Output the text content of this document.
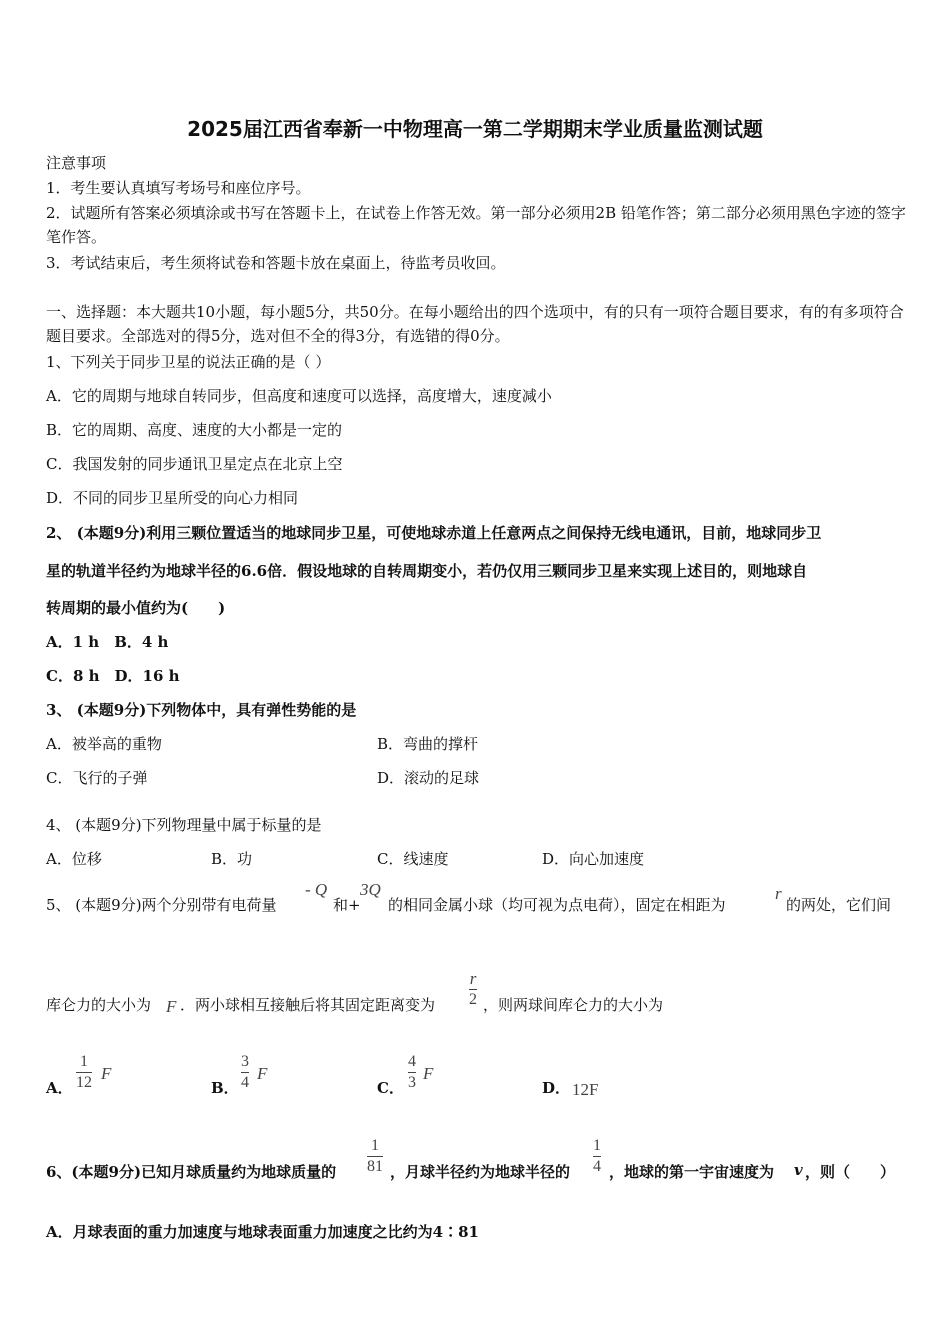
2025届江西省奉新一中物理高一第二学期期末学业质量监测试题
注意事项
1．考生要认真填写考场号和座位序号。
2．试题所有答案必须填涂或书写在答题卡上，在试卷上作答无效。第一部分必须用2B 铅笔作答；第二部分必须用黑色字迹的签字笔作答。
3．考试结束后，考生须将试卷和答题卡放在桌面上，待监考员收回。
一、选择题：本大题共10小题，每小题5分，共50分。在每小题给出的四个选项中，有的只有一项符合题目要求，有的有多项符合题目要求。全部选对的得5分，选对但不全的得3分，有选错的得0分。
1、下列关于同步卫星的说法正确的是（ ）
A．它的周期与地球自转同步，但高度和速度可以选择，高度增大，速度减小
B．它的周期、高度、速度的大小都是一定的
C．我国发射的同步通讯卫星定点在北京上空
D．不同的同步卫星所受的向心力相同
2、 (本题9分)利用三颗位置适当的地球同步卫星，可使地球赤道上任意两点之间保持无线电通讯，目前，地球同步卫
星的轨道半径约为地球半径的6.6倍．假设地球的自转周期变小，若仍仅用三颗同步卫星来实现上述目的，则地球自
转周期的最小值约为(　　)
A．1 h　B．4 h
C．8 h　D．16 h
3、 (本题9分)下列物体中，具有弹性势能的是
A．被举高的重物	B．弯曲的撑杆
C．飞行的子弹	D．滚动的足球
4、 (本题9分)下列物理量中属于标量的是
A．位移	B．功	C．线速度	D．向心加速度
5、 (本题9分)两个分别带有电荷量
- Q
和+
3Q
的相同金属小球（均可视为点电荷），固定在相距为
r
的两处，它们间
库仑力的大小为 F ．两小球相互接触后将其固定距离变为
r
2 ，则两球间库仑力的大小为
A．
1
12 F
B．
3
4 F
C．
4
3 F
D． 12F
6、(本题9分)已知月球质量约为地球质量的
1
81 ，月球半径约为地球半径的
1
4 ，地球的第一宇宙速度为 v ，则（　　）
A．月球表面的重力加速度与地球表面重力加速度之比约为4∶81
